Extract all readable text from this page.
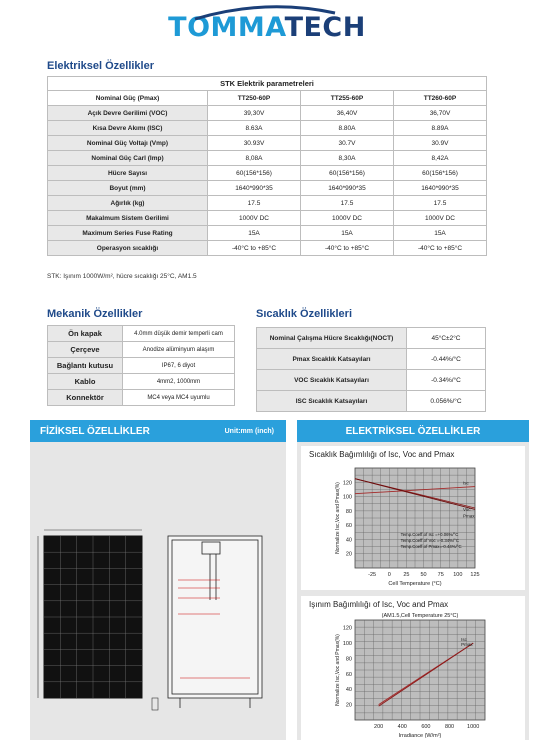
TOMMATECH
Elektriksel Özellikler
STK Elektrik parametreleri			
Nominal Güç (Pmax)	TT250-60P	TT255-60P	TT260-60P
Açık Devre Gerilimi (VOC)	39,30V	36,40V	36,70V
Kısa Devre Akımı (ISC)	8.63A	8.80A	8.89A
Nominal Güç Voltajı (Vmp)	30.93V	30.7V	30.9V
Nominal Güç Carl (Imp)	8,08A	8,30A	8,42A
Hücre Sayısı	60(156*156)	60(156*156)	60(156*156)
Boyut (mm)	1640*990*35	1640*990*35	1640*990*35
Ağırlık (kg)	17.5	17.5	17.5
Makalmum Sistem Gerilimi	1000V DC	1000V DC	1000V DC
Maximum Series Fuse Rating	15A	15A	15A
Operasyon sıcaklığı	-40°C to +85°C	-40°C to +85°C	-40°C to +85°C
STK: Işınım 1000W/m², hücre sıcaklığı 25°C, AM1.5
Mekanik Özellikler
Ön kapak	4.0mm düşük demir temperli cam
Çerçeve	Anodize alüminyum alaşım
Bağlantı kutusu	IP67, 6 diyot
Kablo	4mm2, 1000mm
Konnektör	MC4 veya MC4 uyumlu
Sıcaklık Özellikleri
Nominal Çalışma Hücre Sıcaklığı(NOCT)	45°C±2°C
Pmax Sıcaklık Katsayıları	-0.44%/°C
VOC Sıcaklık Katsayıları	-0.34%/°C
ISC Sıcaklık Katsayıları	0.056%/°C
FİZİKSEL ÖZELLİKLER	Unit:mm (inch)	ELEKTRİKSEL ÖZELLİKLER
Sıcaklık Bağımlılığı of Isc, Voc and Pmax
-25 0 25 50 75 100 125
20
40
60
80
100
120
Cell Temperature (°C)
Normalize Isc,Voc and Pmax(%)	Isc
Voc
Pmax
Temp.Coeff.of Isc =+0.06%/°C
Temp.Coeff.of Voc =-0.34%/°C
Temp.Coeff.of Pmax=-0.44%/°C
Işınım Bağımlılığı of Isc, Voc and Pmax
200	400	600	800 1000
20
40
60
80
100
120
Irradiance (W/m²)
Normalize Isc,Voc and Pmax(%)	Isc
Pmax
(AM1.5,Cell Temperature 25°C)
